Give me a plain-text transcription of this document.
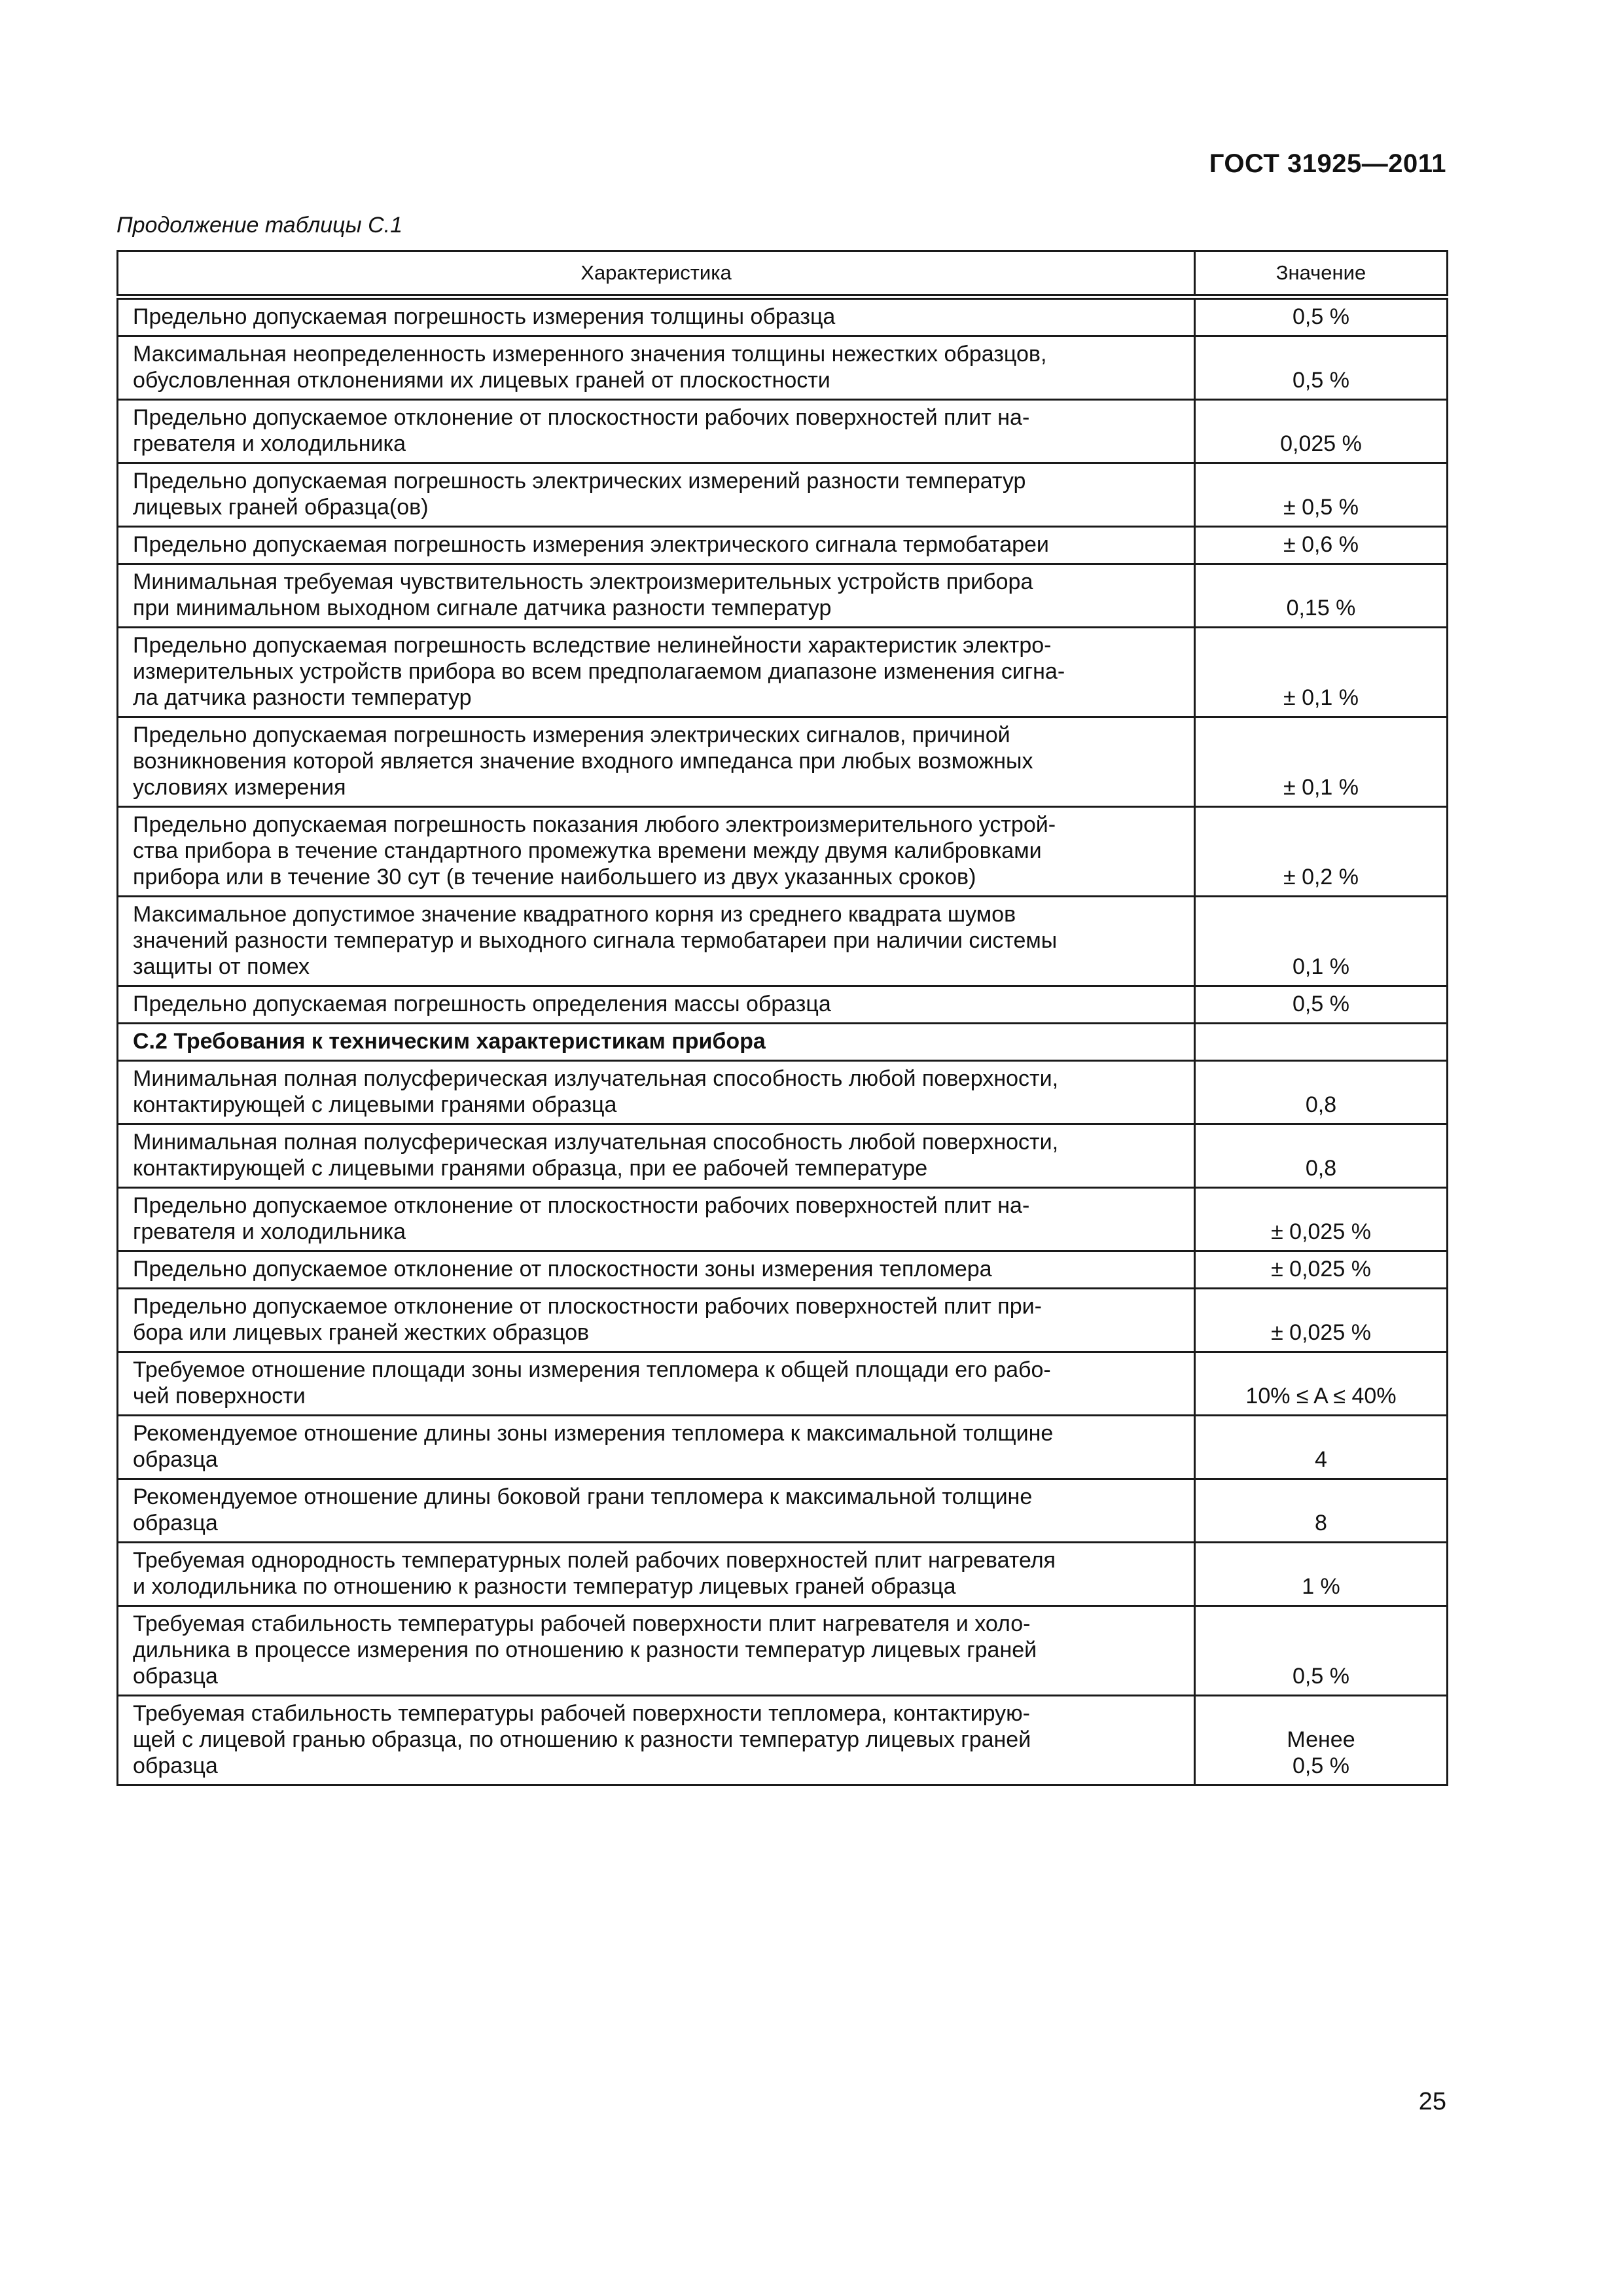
ГОСТ 31925—2011
Продолжение таблицы С.1
Характеристика	Значение
Предельно допускаемая погрешность измерения толщины образца	0,5 %
Максимальная неопределенность измеренного значения толщины нежестких образцов,
обусловленная отклонениями их лицевых граней от плоскостности	0,5 %
Предельно допускаемое отклонение от плоскостности рабочих поверхностей плит на-
гревателя и холодильника	0,025 %
Предельно допускаемая погрешность электрических измерений разности температур
лицевых граней образца(ов)	± 0,5 %
Предельно допускаемая погрешность измерения электрического сигнала термобатареи	± 0,6 %
Минимальная требуемая чувствительность электроизмерительных устройств прибора
при минимальном выходном сигнале датчика разности температур	0,15 %
Предельно допускаемая погрешность вследствие нелинейности характеристик электро-
измерительных устройств прибора во всем предполагаемом диапазоне изменения сигна-
ла датчика разности температур	± 0,1 %
Предельно допускаемая погрешность измерения электрических сигналов, причиной
возникновения которой является значение входного импеданса при любых возможных
условиях измерения	± 0,1 %
Предельно допускаемая погрешность показания любого электроизмерительного устрой-
ства прибора в течение стандартного промежутка времени между двумя калибровками
прибора или в течение 30 сут (в течение наибольшего из двух указанных сроков)	± 0,2 %
Максимальное допустимое значение квадратного корня из среднего квадрата шумов
значений разности температур и выходного сигнала термобатареи при наличии системы
защиты от помех	0,1 %
Предельно допускаемая погрешность определения массы образца	0,5 %
С.2 Требования к техническим характеристикам прибора	
Минимальная полная полусферическая излучательная способность любой поверхности,
контактирующей с лицевыми гранями образца	0,8
Минимальная полная полусферическая излучательная способность любой поверхности,
контактирующей с лицевыми гранями образца, при ее рабочей температуре	0,8
Предельно допускаемое отклонение от плоскостности рабочих поверхностей плит на-
гревателя и холодильника	± 0,025 %
Предельно допускаемое отклонение от плоскостности зоны измерения тепломера	± 0,025 %
Предельно допускаемое отклонение от плоскостности рабочих поверхностей плит при-
бора или лицевых граней жестких образцов	± 0,025 %
Требуемое отношение площади зоны измерения тепломера к общей площади его рабо-
чей поверхности	10% ≤ A ≤ 40%
Рекомендуемое отношение длины зоны измерения тепломера к максимальной толщине
образца	4
Рекомендуемое отношение длины боковой грани тепломера к максимальной толщине
образца	8
Требуемая однородность температурных полей рабочих поверхностей плит нагревателя
и холодильника по отношению к разности температур лицевых граней образца	1 %
Требуемая стабильность температуры рабочей поверхности плит нагревателя и холо-
дильника в процессе измерения по отношению к разности температур лицевых граней
образца	0,5 %
Требуемая стабильность температуры рабочей поверхности тепломера, контактирую-
щей с лицевой гранью образца, по отношению к разности температур лицевых граней
образца	Менее
0,5 %
25
